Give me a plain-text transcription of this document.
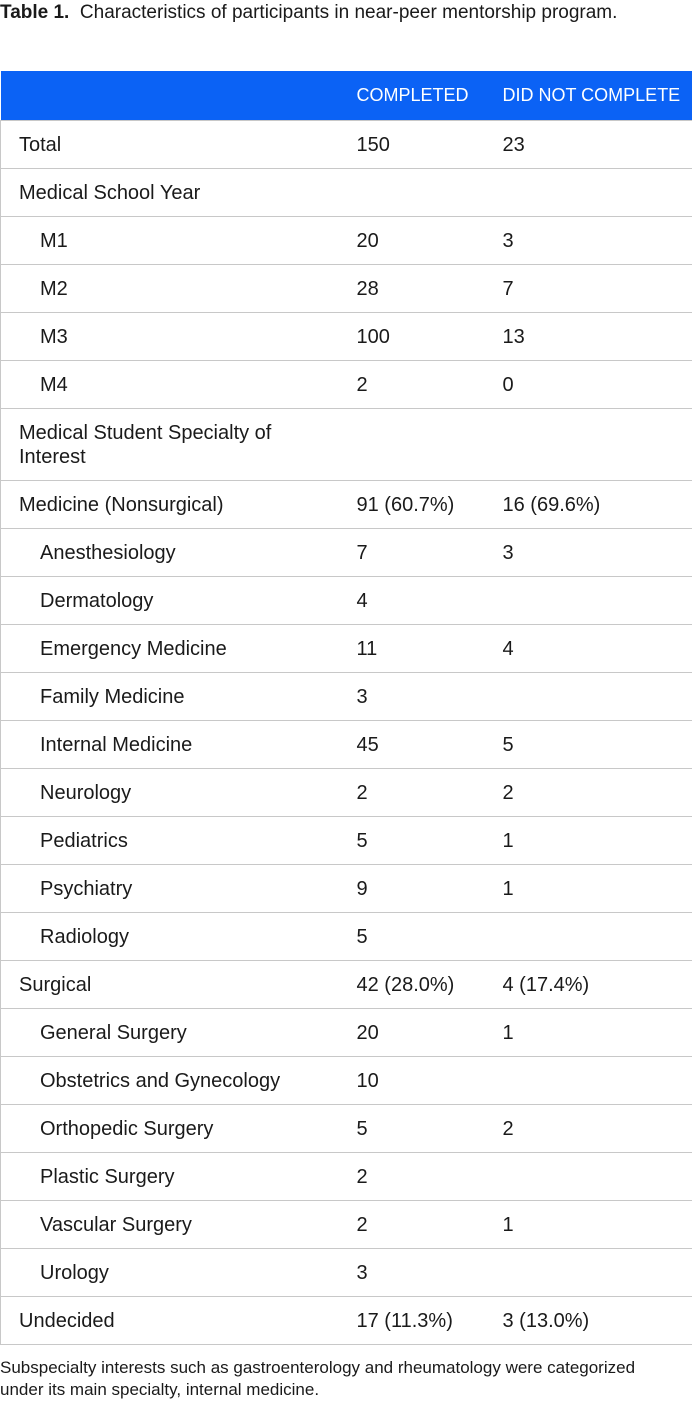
Table 1. Characteristics of participants in near-peer mentorship program.

	COMPLETED	DID NOT COMPLETE
Total	150	23
Medical School Year		
M1	20	3
M2	28	7
M3	100	13
M4	2	0
Medical Student Specialty of Interest		
Medicine (Nonsurgical)	91 (60.7%)	16 (69.6%)
Anesthesiology	7	3
Dermatology	4	
Emergency Medicine	11	4
Family Medicine	3	
Internal Medicine	45	5
Neurology	2	2
Pediatrics	5	1
Psychiatry	9	1
Radiology	5	
Surgical	42 (28.0%)	4 (17.4%)
General Surgery	20	1
Obstetrics and Gynecology	10	
Orthopedic Surgery	5	2
Plastic Surgery	2	
Vascular Surgery	2	1
Urology	3	
Undecided	17 (11.3%)	3 (13.0%)

Subspecialty interests such as gastroenterology and rheumatology were categorized under its main specialty, internal medicine.
